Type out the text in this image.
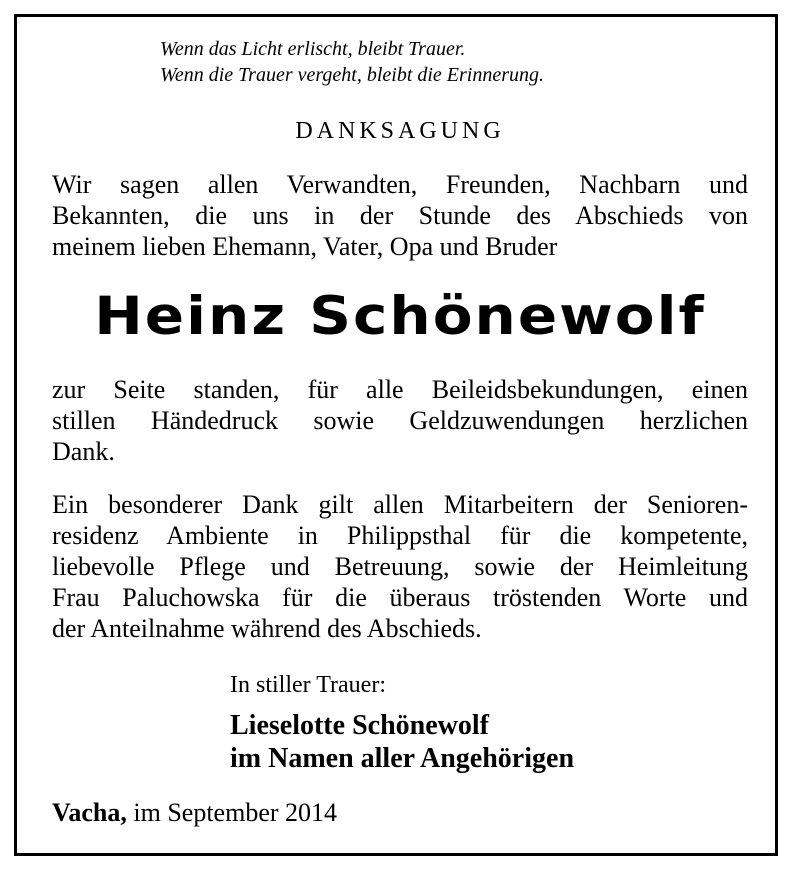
Wenn das Licht erlischt, bleibt Trauer.
Wenn die Trauer vergeht, bleibt die Erinnerung.
DANKSAGUNG
Wir sagen allen Verwandten, Freunden, Nachbarn und
Bekannten, die uns in der Stunde des Abschieds von
meinem lieben Ehemann, Vater, Opa und Bruder
Heinz Schönewolf
zur Seite standen, für alle Beileidsbekundungen, einen
stillen Händedruck sowie Geldzuwendungen herzlichen
Dank.
Ein besonderer Dank gilt allen Mitarbeitern der Senioren-
residenz Ambiente in Philippsthal für die kompetente,
liebevolle Pflege und Betreuung, sowie der Heimleitung
Frau Paluchowska für die überaus tröstenden Worte und
der Anteilnahme während des Abschieds.
In stiller Trauer:
Lieselotte Schönewolf
im Namen aller Angehörigen
Vacha, im September 2014
